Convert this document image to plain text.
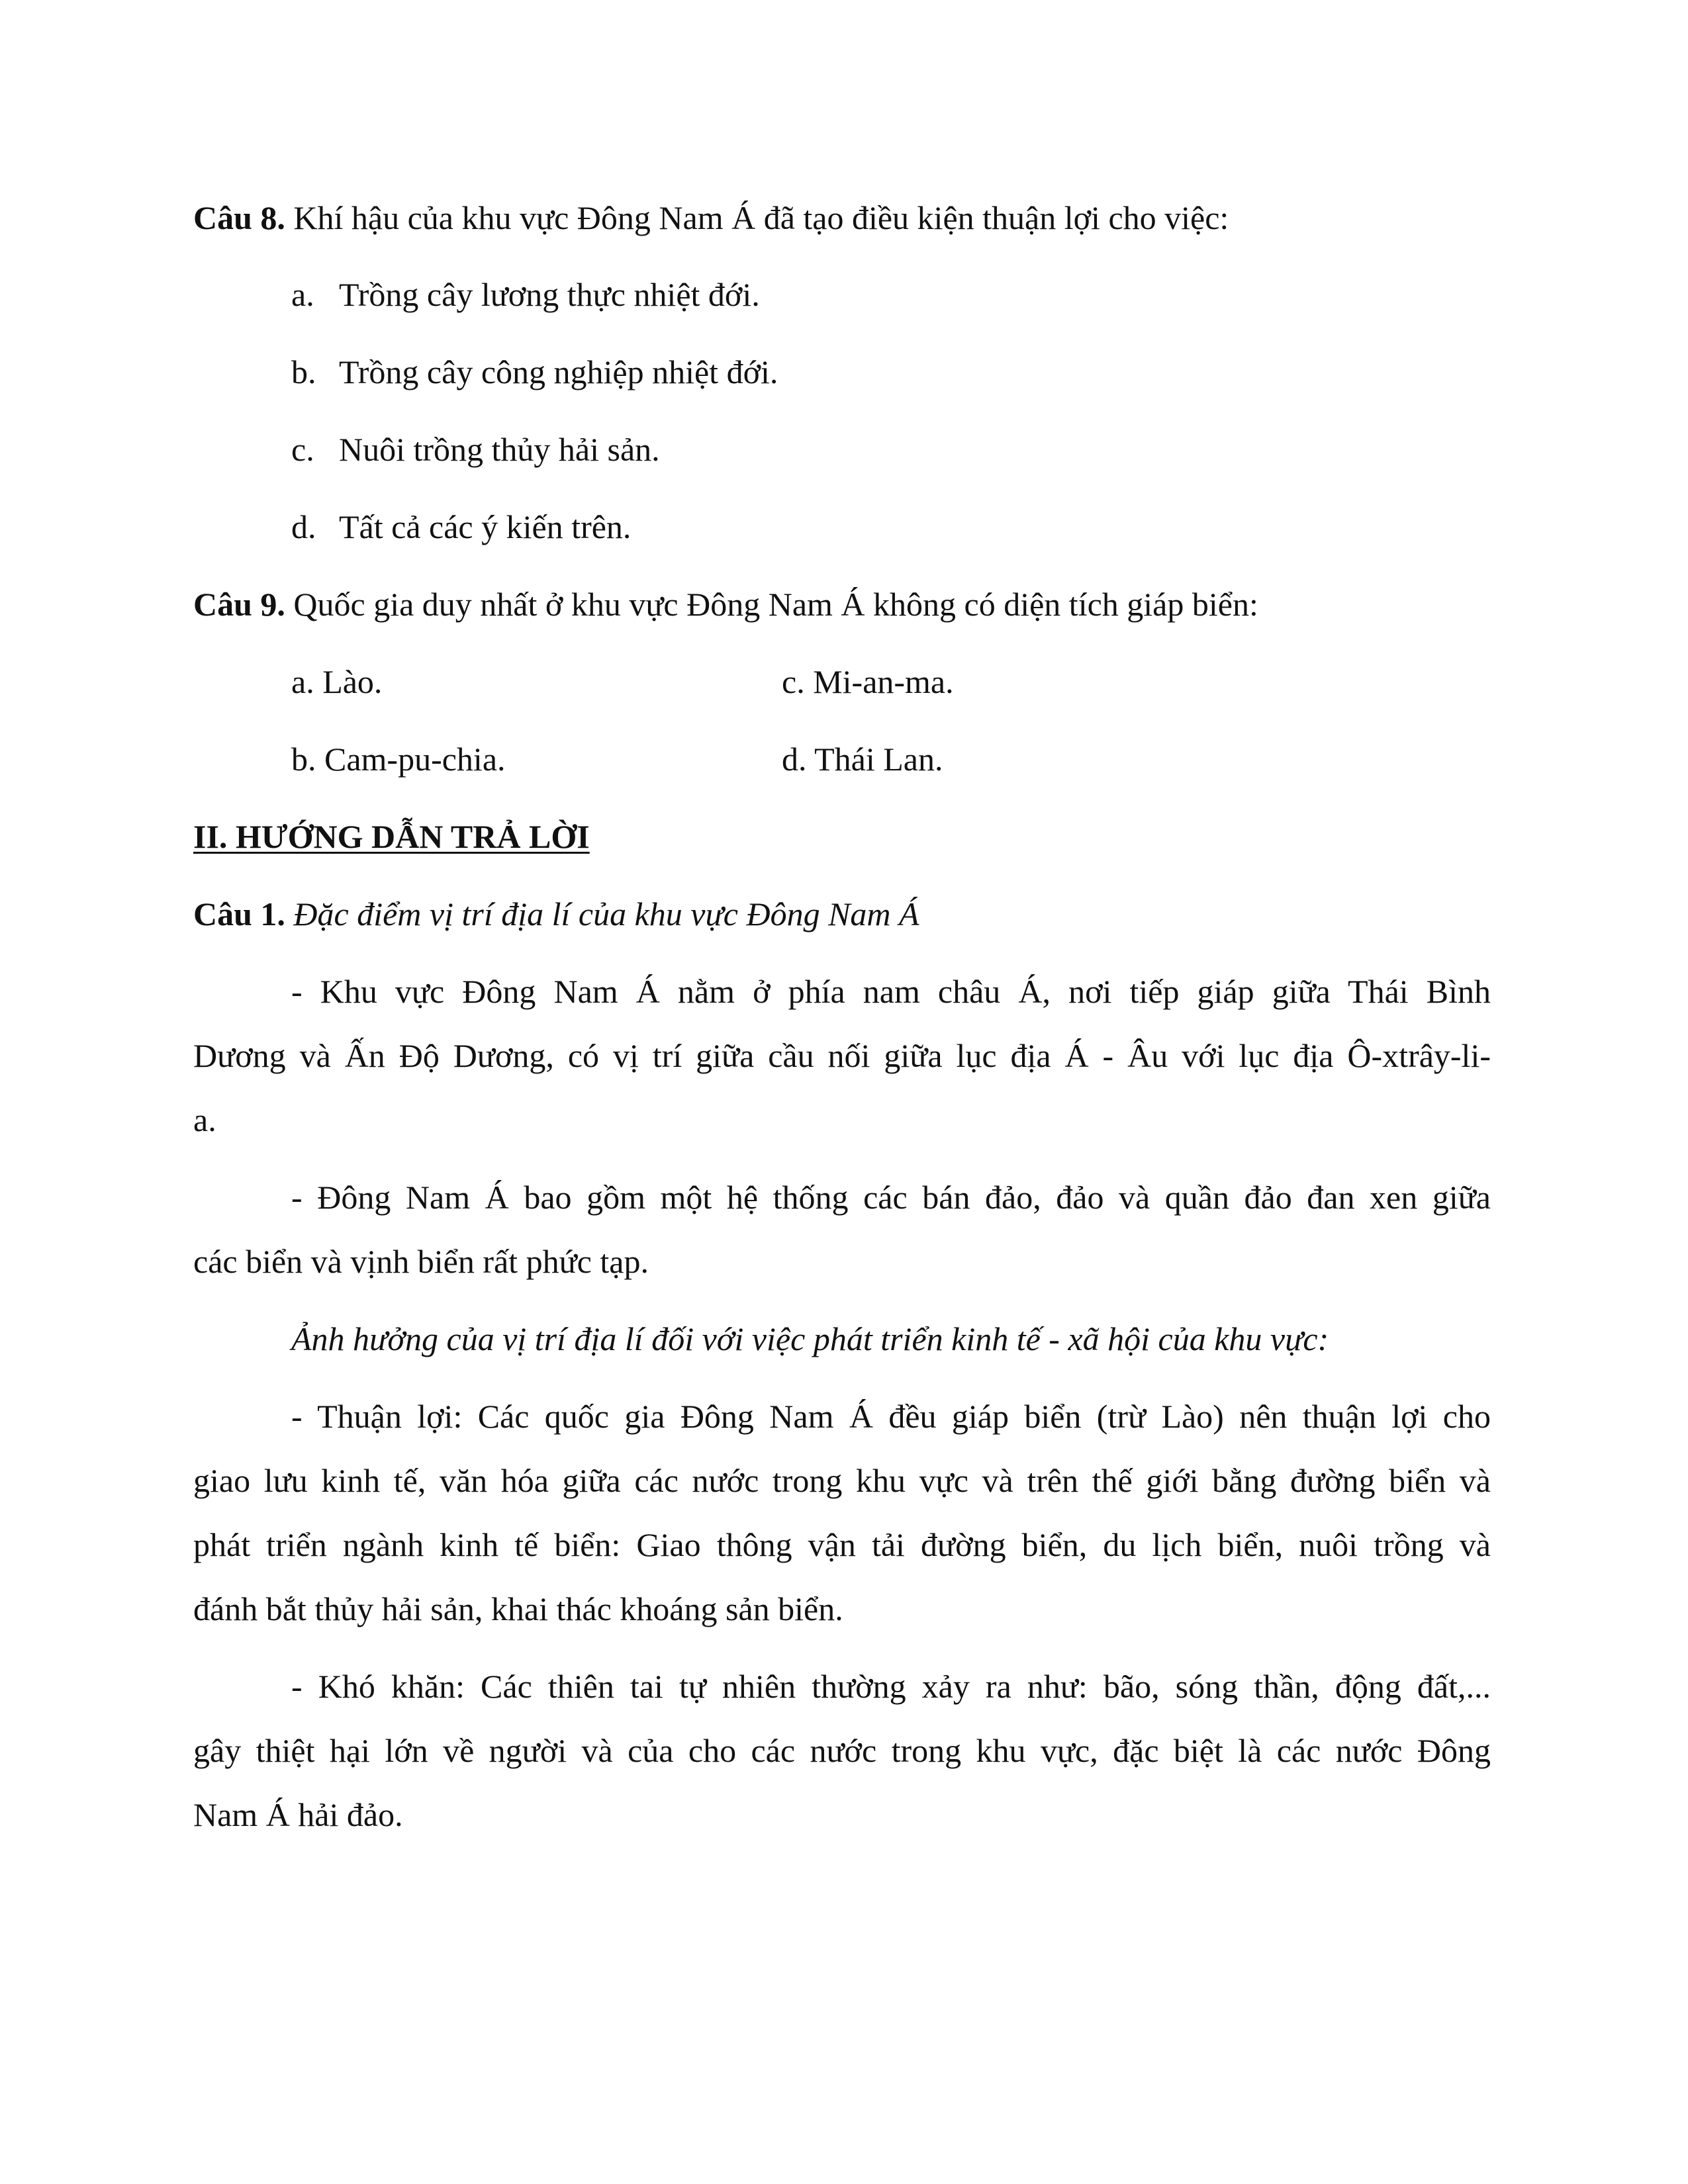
Câu 8. Khí hậu của khu vực Đông Nam Á đã tạo điều kiện thuận lợi cho việc:
a. Trồng cây lương thực nhiệt đới.
b. Trồng cây công nghiệp nhiệt đới.
c. Nuôi trồng thủy hải sản.
d. Tất cả các ý kiến trên.
Câu 9. Quốc gia duy nhất ở khu vực Đông Nam Á không có diện tích giáp biển:
a. Lào.	c. Mi-an-ma.
b. Cam-pu-chia.	d. Thái Lan.
II. HƯỚNG DẪN TRẢ LỜI
Câu 1. Đặc điểm vị trí địa lí của khu vực Đông Nam Á
- Khu vực Đông Nam Á nằm ở phía nam châu Á, nơi tiếp giáp giữa Thái Bình
Dương và Ấn Độ Dương, có vị trí giữa cầu nối giữa lục địa Á - Âu với lục địa Ô-xtrây-li-
a.
- Đông Nam Á bao gồm một hệ thống các bán đảo, đảo và quần đảo đan xen giữa
các biển và vịnh biển rất phức tạp.
Ảnh hưởng của vị trí địa lí đối với việc phát triển kinh tế - xã hội của khu vực:
- Thuận lợi: Các quốc gia Đông Nam Á đều giáp biển (trừ Lào) nên thuận lợi cho
giao lưu kinh tế, văn hóa giữa các nước trong khu vực và trên thế giới bằng đường biển và
phát triển ngành kinh tế biển: Giao thông vận tải đường biển, du lịch biển, nuôi trồng và
đánh bắt thủy hải sản, khai thác khoáng sản biển.
- Khó khăn: Các thiên tai tự nhiên thường xảy ra như: bão, sóng thần, động đất,...
gây thiệt hại lớn về người và của cho các nước trong khu vực, đặc biệt là các nước Đông
Nam Á hải đảo.
